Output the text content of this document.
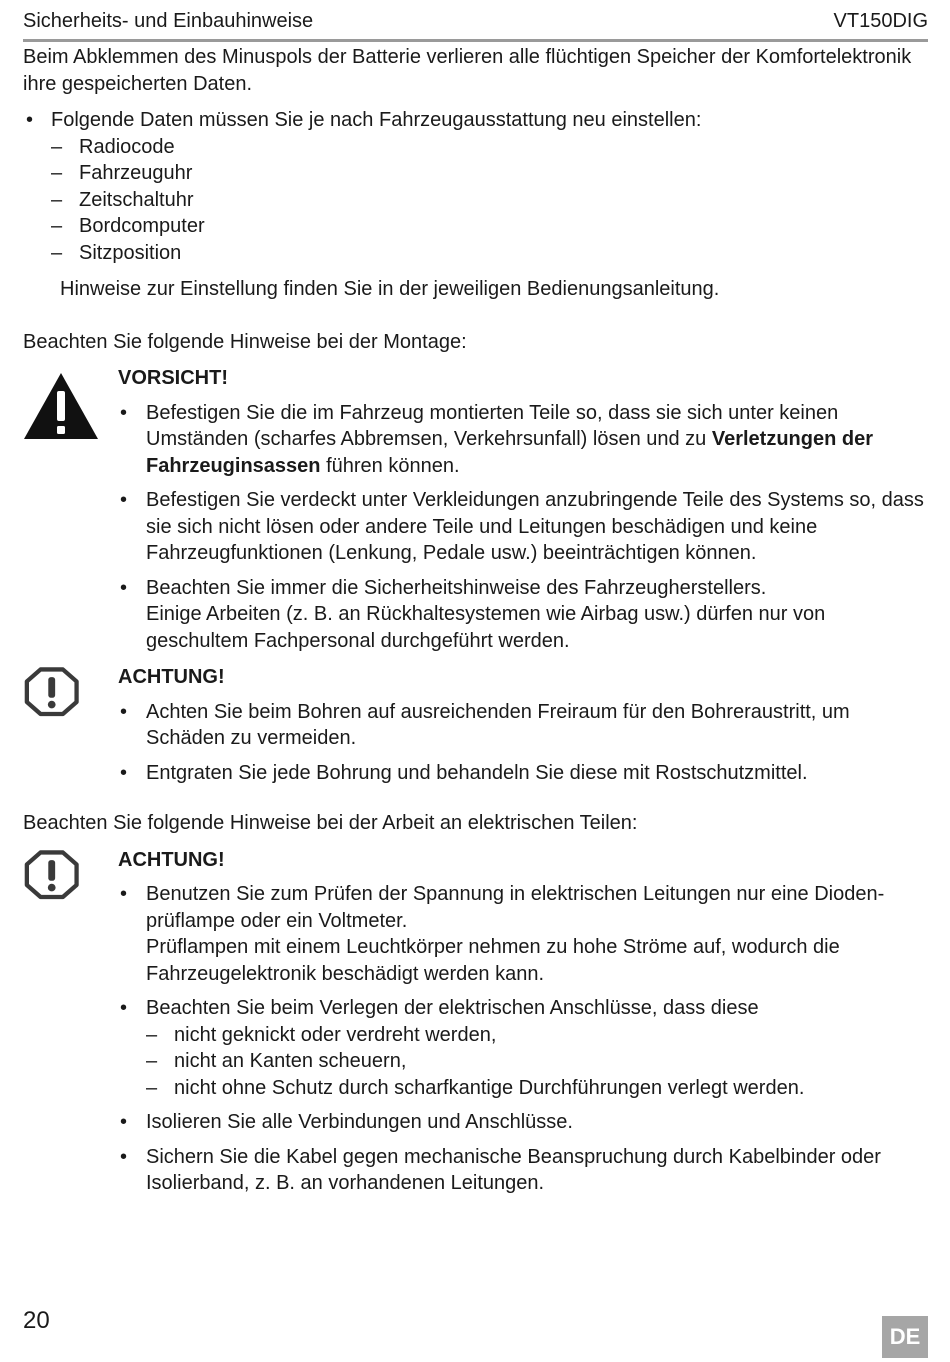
Sicherheits- und Einbauhinweise	VT150DIG

Beim Abklemmen des Minuspols der Batterie verlieren alle flüchtigen Speicher der Komfortelektronik ihre gespeicherten Daten.

• Folgende Daten müssen Sie je nach Fahrzeugausstattung neu einstellen:

– Radiocode
– Fahrzeuguhr
– Zeitschaltuhr
– Bordcomputer
– Sitzposition

Hinweise zur Einstellung finden Sie in der jeweiligen Bedienungsanleitung.

Beachten Sie folgende Hinweise bei der Montage:

VORSICHT!
• Befestigen Sie die im Fahrzeug montierten Teile so, dass sie sich unter keinen Umständen (scharfes Abbremsen, Verkehrsunfall) lösen und zu Verletzungen der Fahrzeuginsassen führen können.
• Befestigen Sie verdeckt unter Verkleidungen anzubringende Teile des Systems so, dass sie sich nicht lösen oder andere Teile und Leitungen beschädigen und keine Fahrzeugfunktionen (Lenkung, Pedale usw.) beeinträchtigen können.
• Beachten Sie immer die Sicherheitshinweise des Fahrzeugherstellers.

Einige Arbeiten (z. B. an Rückhaltesystemen wie Airbag usw.) dürfen nur von geschultem Fachpersonal durchgeführt werden.

ACHTUNG!
• Achten Sie beim Bohren auf ausreichenden Freiraum für den Bohreraustritt, um Schäden zu vermeiden.
• Entgraten Sie jede Bohrung und behandeln Sie diese mit Rostschutzmittel.

Beachten Sie folgende Hinweise bei der Arbeit an elektrischen Teilen:

ACHTUNG!
• Benutzen Sie zum Prüfen der Spannung in elektrischen Leitungen nur eine Diodenprüflampe oder ein Voltmeter.

Prüflampen mit einem Leuchtkörper nehmen zu hohe Ströme auf, wodurch die Fahrzeugelektronik beschädigt werden kann.

• Beachten Sie beim Verlegen der elektrischen Anschlüsse, dass diese

– nicht geknickt oder verdreht werden,
– nicht an Kanten scheuern,
– nicht ohne Schutz durch scharfkantige Durchführungen verlegt werden.
• Isolieren Sie alle Verbindungen und Anschlüsse.
• Sichern Sie die Kabel gegen mechanische Beanspruchung durch Kabelbinder oder Isolierband, z. B. an vorhandenen Leitungen.
20
DE
